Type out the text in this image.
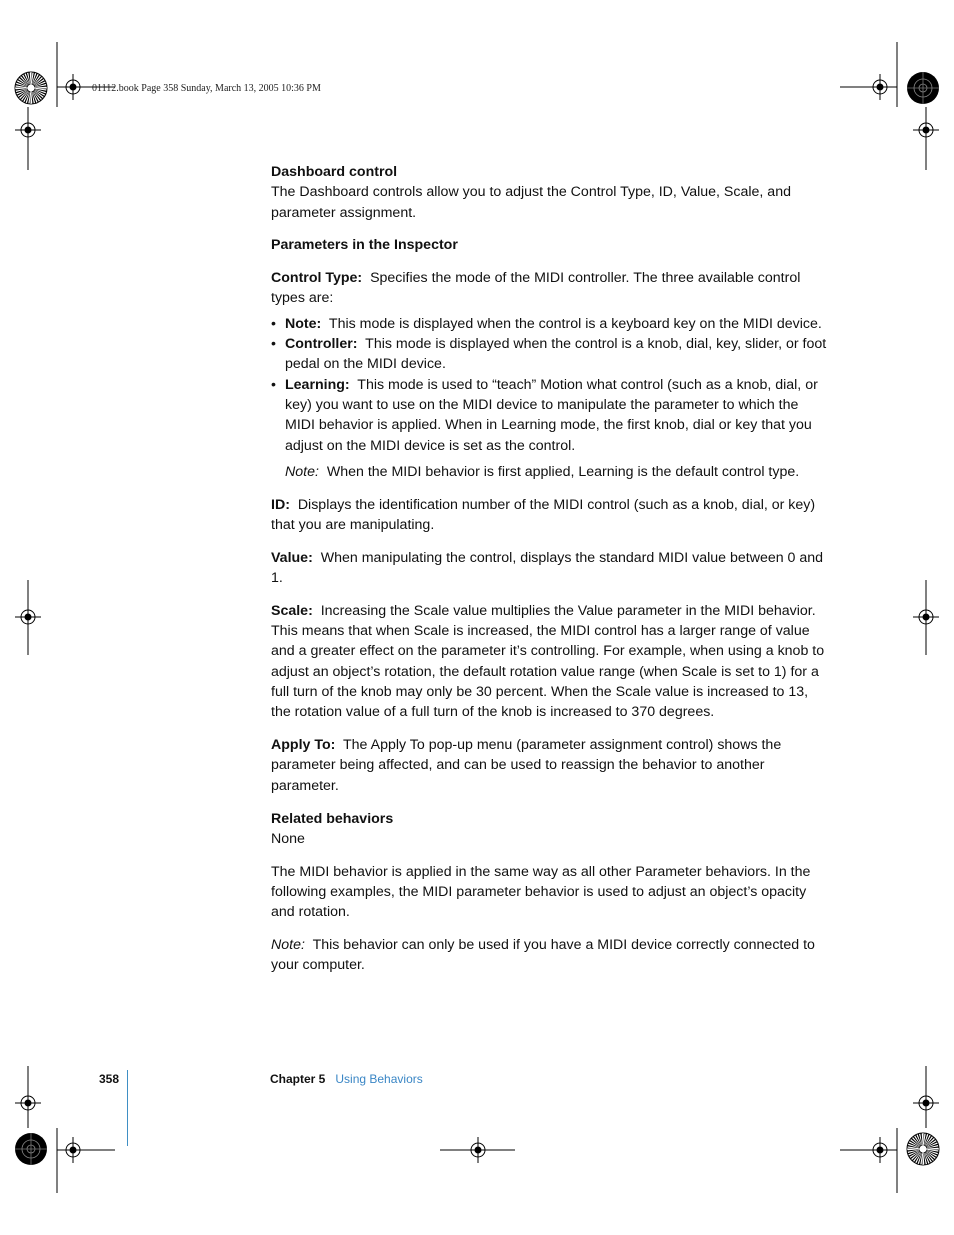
01112.book Page 358 Sunday, March 13, 2005 10:36 PM

Dashboard control

The Dashboard controls allow you to adjust the Control Type, ID, Value, Scale, and parameter assignment.

Parameters in the Inspector

Control Type: Specifies the mode of the MIDI controller. The three available control types are:

• Note: This mode is displayed when the control is a keyboard key on the MIDI device.
• Controller: This mode is displayed when the control is a knob, dial, key, slider, or foot pedal on the MIDI device.
• Learning: This mode is used to “teach” Motion what control (such as a knob, dial, or key) you want to use on the MIDI device to manipulate the parameter to which the MIDI behavior is applied. When in Learning mode, the first knob, dial or key that you adjust on the MIDI device is set as the control.

Note: When the MIDI behavior is first applied, Learning is the default control type.

ID: Displays the identification number of the MIDI control (such as a knob, dial, or key) that you are manipulating.

Value: When manipulating the control, displays the standard MIDI value between 0 and 1.

Scale: Increasing the Scale value multiplies the Value parameter in the MIDI behavior. This means that when Scale is increased, the MIDI control has a larger range of value and a greater effect on the parameter it’s controlling. For example, when using a knob to adjust an object’s rotation, the default rotation value range (when Scale is set to 1) for a full turn of the knob may only be 30 percent. When the Scale value is increased to 13, the rotation value of a full turn of the knob is increased to 370 degrees.

Apply To: The Apply To pop-up menu (parameter assignment control) shows the parameter being affected, and can be used to reassign the behavior to another parameter.

Related behaviors

None

The MIDI behavior is applied in the same way as all other Parameter behaviors. In the following examples, the MIDI parameter behavior is used to adjust an object’s opacity and rotation.

Note: This behavior can only be used if you have a MIDI device correctly connected to your computer.

358	Chapter 5 Using Behaviors
